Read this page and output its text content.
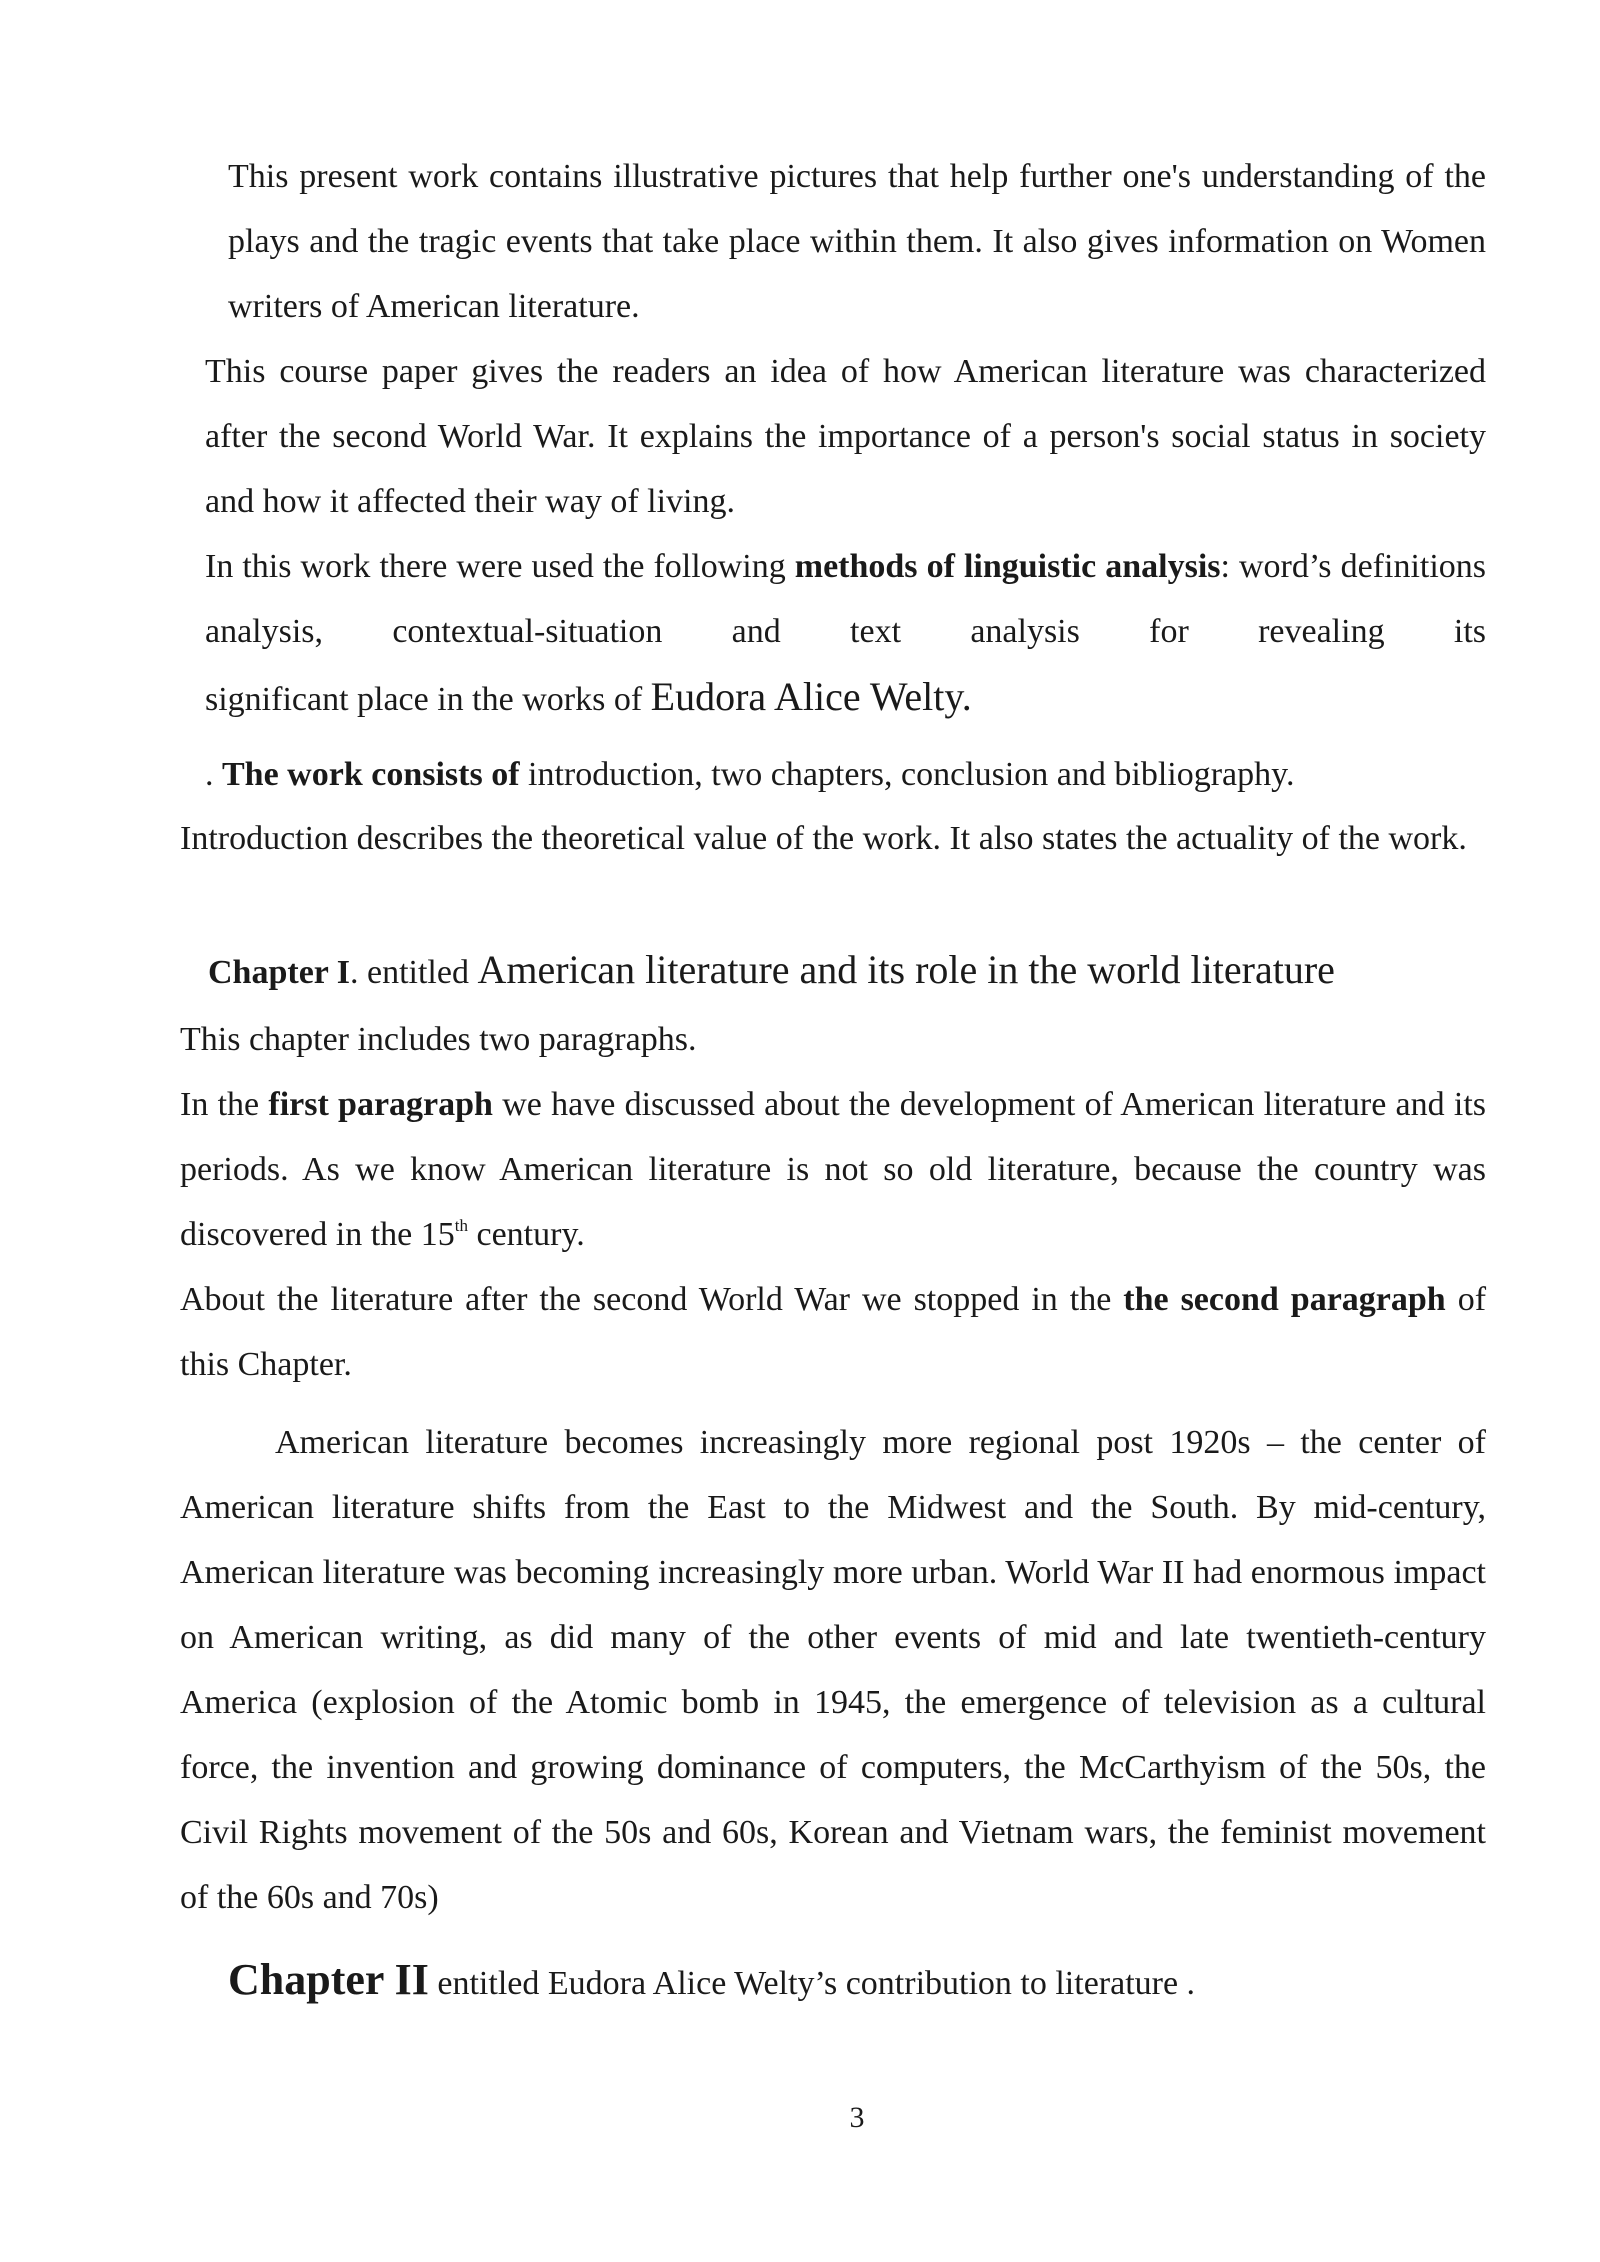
This present work contains illustrative pictures that help further one's understanding of the plays and the tragic events that take place within them. It also gives information on Women writers of American literature.

This course paper gives the readers an idea of how American literature was characterized after the second World War. It explains the importance of a person's social status in society and how it affected their way of living.

In this work there were used the following methods of linguistic analysis: word’s definitions analysis, contextual-situation and text analysis for revealing its
significant place in the works of Eudora Alice Welty.

. The work consists of introduction, two chapters, conclusion and bibliography.

Introduction describes the theoretical value of the work. It also states the actuality of the work.

Chapter I. entitled American literature and its role in the world literature

This chapter includes two paragraphs.

In the first paragraph we have discussed about the development of American literature and its periods. As we know American literature is not so old literature, because the country was discovered in the 15th century.

About the literature after the second World War we stopped in the the second paragraph of this Chapter.

American literature becomes increasingly more regional post 1920s – the center of American literature shifts from the East to the Midwest and the South. By mid-century, American literature was becoming increasingly more urban. World War II had enormous impact on American writing, as did many of the other events of mid and late twentieth-century America (explosion of the Atomic bomb in 1945, the emergence of television as a cultural force, the invention and growing dominance of computers, the McCarthyism of the 50s, the Civil Rights movement of the 50s and 60s, Korean and Vietnam wars, the feminist movement of the 60s and 70s)

Chapter II entitled Eudora Alice Welty’s contribution to literature .

3
